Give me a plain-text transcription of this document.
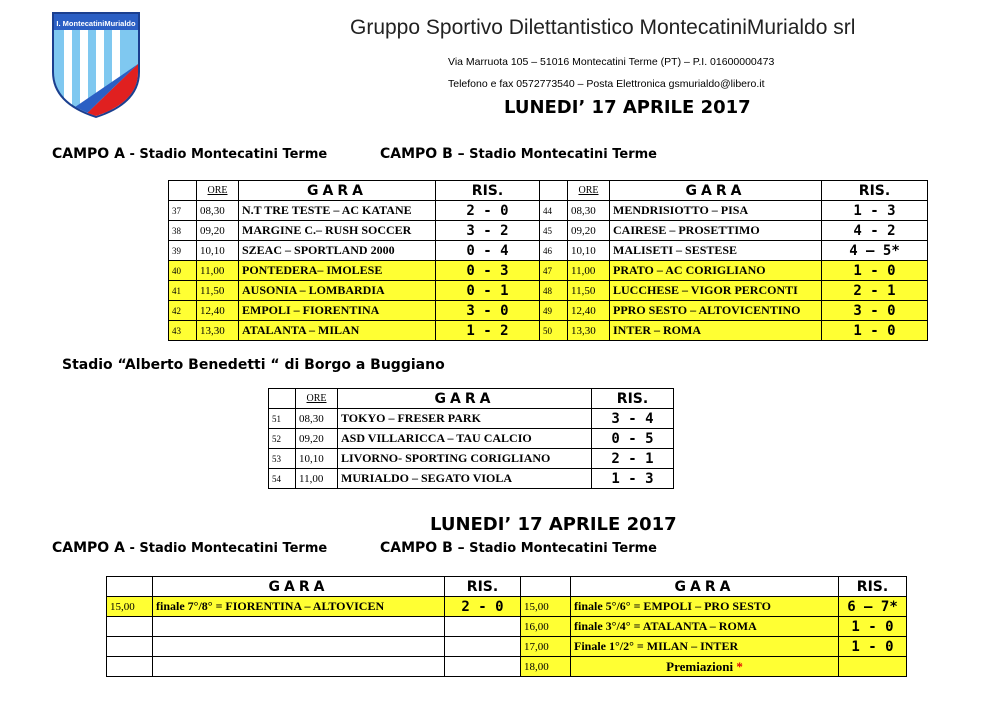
I. MontecatiniMurialdo	Gruppo Sportivo Dilettantistico MontecatiniMurialdo srl
Via Marruota 105 – 51016 Montecatini Terme (PT) – P.I. 01600000473
Telefono e fax 0572773540 – Posta Elettronica gsmurialdo@libero.it
LUNEDI’ 17 APRILE 2017
CAMPO A - Stadio Montecatini Terme	CAMPO B – Stadio Montecatini Terme
	ORE	GARA	RIS.		ORE	GARA	RIS.
37	08,30	N.T TRE TESTE – AC KATANE	2 - 0	44	08,30	MENDRISIOTTO – PISA	1 - 3
38	09,20	MARGINE C.– RUSH SOCCER	3 - 2	45	09,20	CAIRESE – PROSETTIMO	4 - 2
39	10,10	SZEAC – SPORTLAND 2000	0 - 4	46	10,10	MALISETI – SESTESE	4 – 5*
40	11,00	PONTEDERA– IMOLESE	0 - 3	47	11,00	PRATO – AC CORIGLIANO	1 - 0
41	11,50	AUSONIA – LOMBARDIA	0 - 1	48	11,50	LUCCHESE – VIGOR PERCONTI	2 - 1
42	12,40	EMPOLI – FIORENTINA	3 - 0	49	12,40	PPRO SESTO – ALTOVICENTINO	3 - 0
43	13,30	ATALANTA – MILAN	1 - 2	50	13,30	INTER – ROMA	1 - 0
Stadio “Alberto Benedetti “ di Borgo a Buggiano
	ORE	GARA	RIS.
51	08,30	TOKYO – FRESER PARK	3 - 4
52	09,20	ASD VILLARICCA – TAU CALCIO	0 - 5
53	10,10	LIVORNO- SPORTING CORIGLIANO	2 - 1
54	11,00	MURIALDO – SEGATO VIOLA	1 - 3
LUNEDI’ 17 APRILE 2017
CAMPO A - Stadio Montecatini Terme	CAMPO B – Stadio Montecatini Terme
	GARA	RIS.		GARA	RIS.
15,00	finale 7°/8° = FIORENTINA – ALTOVICEN	2 - 0	15,00	finale 5°/6° = EMPOLI – PRO SESTO	6 – 7*
			16,00	finale 3°/4° = ATALANTA – ROMA	1 - 0
			17,00	Finale 1°/2° = MILAN – INTER	1 - 0
			18,00	Premiazioni *	
